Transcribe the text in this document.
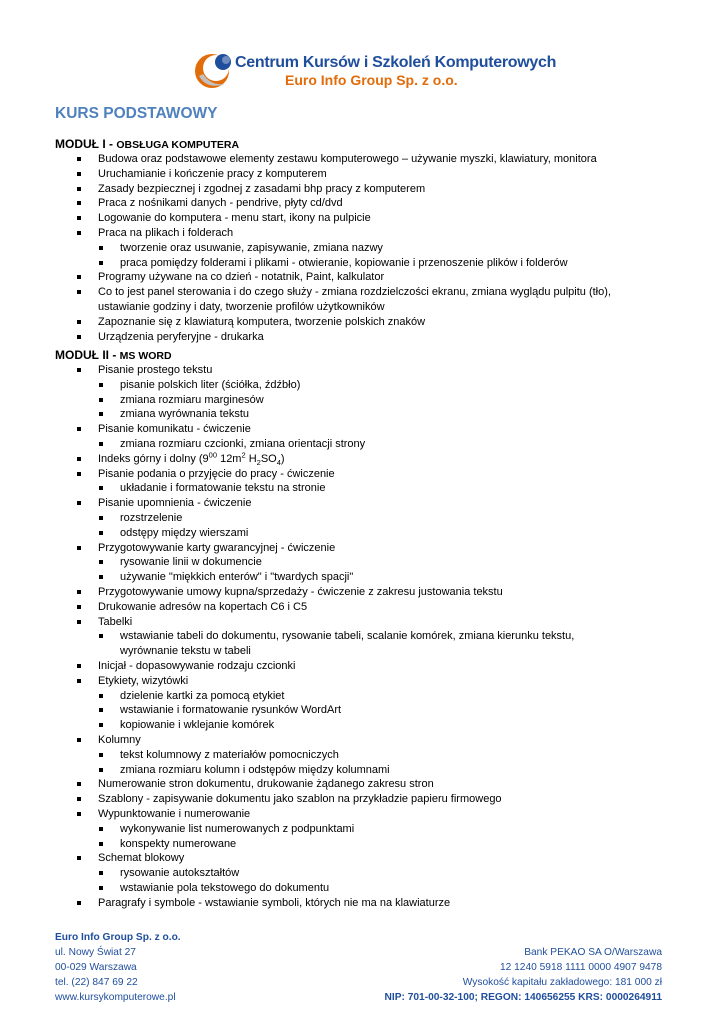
Centrum Kursów i Szkoleń Komputerowych
Euro Info Group Sp. z o.o.
KURS PODSTAWOWY
MODUŁ I - OBSŁUGA KOMPUTERA
Budowa oraz podstawowe elementy zestawu komputerowego – używanie myszki, klawiatury, monitora
Uruchamianie i kończenie pracy z komputerem
Zasady bezpiecznej i zgodnej z zasadami bhp pracy z komputerem
Praca z nośnikami danych - pendrive, płyty cd/dvd
Logowanie do komputera - menu start, ikony na pulpicie
Praca na plikach i folderach
tworzenie oraz usuwanie, zapisywanie, zmiana nazwy
praca pomiędzy folderami i plikami - otwieranie, kopiowanie i przenoszenie plików i folderów
Programy używane na co dzień - notatnik, Paint, kalkulator
Co to jest panel sterowania i do czego służy - zmiana rozdzielczości ekranu, zmiana wyglądu pulpitu (tło), ustawianie godziny i daty, tworzenie profilów użytkowników
Zapoznanie się z klawiaturą komputera, tworzenie polskich znaków
Urządzenia peryferyjne - drukarka
MODUŁ II - MS WORD
Pisanie prostego tekstu
pisanie polskich liter (ściółka, źdźbło)
zmiana rozmiaru marginesów
zmiana wyrównania tekstu
Pisanie komunikatu - ćwiczenie
zmiana rozmiaru czcionki, zmiana orientacji strony
Indeks górny i dolny ($9^{00}$ $12m^2$ $H_2SO_4$)
Pisanie podania o przyjęcie do pracy - ćwiczenie
układanie i formatowanie tekstu na stronie
Pisanie upomnienia - ćwiczenie
rozstrzelenie
odstępy między wierszami
Przygotowywanie karty gwarancyjnej - ćwiczenie
rysowanie linii w dokumencie
używanie "miękkich enterów" i "twardych spacji"
Przygotowywanie umowy kupna/sprzedaży - ćwiczenie z zakresu justowania tekstu
Drukowanie adresów na kopertach C6 i C5
Tabelki
wstawianie tabeli do dokumentu, rysowanie tabeli, scalanie komórek, zmiana kierunku tekstu, wyrównanie tekstu w tabeli
Inicjał - dopasowywanie rodzaju czcionki
Etykiety, wizytówki
dzielenie kartki za pomocą etykiet
wstawianie i formatowanie rysunków WordArt
kopiowanie i wklejanie komórek
Kolumny
tekst kolumnowy z materiałów pomocniczych
zmiana rozmiaru kolumn i odstępów między kolumnami
Numerowanie stron dokumentu, drukowanie żądanego zakresu stron
Szablony - zapisywanie dokumentu jako szablon na przykładzie papieru firmowego
Wypunktowanie i numerowanie
wykonywanie list numerowanych z podpunktami
konspekty numerowane
Schemat blokowy
rysowanie autokształtów
wstawianie pola tekstowego do dokumentu
Paragrafy i symbole - wstawianie symboli, których nie ma na klawiaturze
Euro Info Group Sp. z o.o.
ul. Nowy Świat 27
00-029 Warszawa
tel. (22) 847 69 22
www.kursykomputerowe.pl
Bank PEKAO SA O/Warszawa
12 1240 5918 1111 0000 4907 9478
Wysokość kapitału zakładowego: 181 000 zł
NIP: 701-00-32-100; REGON: 140656255 KRS: 0000264911
